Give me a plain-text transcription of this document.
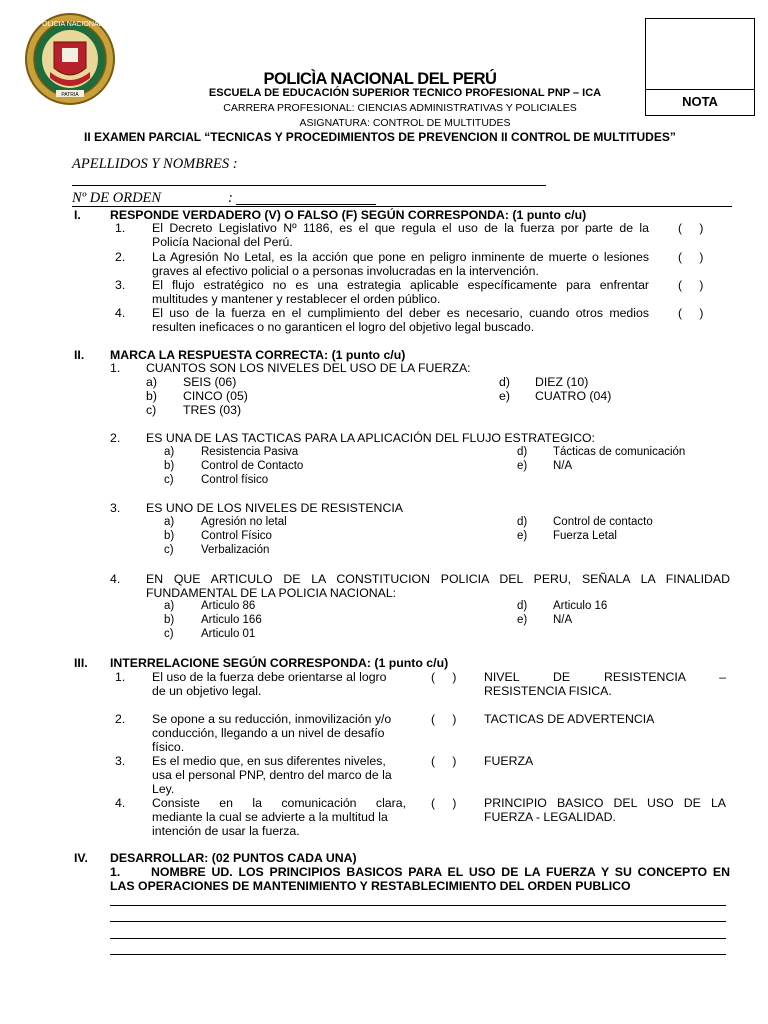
POLICIA NACIONAL
PATRIA
POLICÌA NACIONAL DEL PERÚ
ESCUELA DE EDUCACIÓN SUPERIOR TECNICO PROFESIONAL PNP – ICA
CARRERA PROFESIONAL: CIENCIAS ADMINISTRATIVAS Y POLICIALES
ASIGNATURA: CONTROL DE MULTITUDES
II EXAMEN PARCIAL “TECNICAS Y PROCEDIMIENTOS DE PREVENCION II CONTROL DE MULTITUDES”
NOTA
APELLIDOS Y NOMBRES :
Nº DE ORDEN	:
I. RESPONDE VERDADERO (V) O FALSO (F) SEGÚN CORRESPONDA: (1 punto c/u)
1. El Decreto Legislativo Nº 1186, es el que regula el uso de la fuerza por parte de la
Policía Nacional del Perú.
( )
2. La Agresión No Letal, es la acción que pone en peligro inminente de muerte o lesiones
graves al efectivo policial o a personas involucradas en la intervención.
( )
3. El flujo estratégico no es una estrategia aplicable específicamente para enfrentar
multitudes y mantener y restablecer el orden público.
( )
4. El uso de la fuerza en el cumplimiento del deber es necesario, cuando otros medios
resulten ineficaces o no garanticen el logro del objetivo legal buscado.
( )
II. MARCA LA RESPUESTA CORRECTA: (1 punto c/u)
1. CUANTOS SON LOS NIVELES DEL USO DE LA FUERZA:
a) SEIS (06)
b) CINCO (05)
c) TRES (03)
d) DIEZ (10)
e) CUATRO (04)
2. ES UNA DE LAS TACTICAS PARA LA APLICACIÓN DEL FLUJO ESTRATEGICO:
a) Resistencia Pasiva
b) Control de Contacto
c) Control físico
d) Tácticas de comunicación
e) N/A
3. ES UNO DE LOS NIVELES DE RESISTENCIA
a) Agresión no letal
b) Control Físico
c) Verbalización
d) Control de contacto
e) Fuerza Letal
4. EN QUE ARTICULO DE LA CONSTITUCION POLICIA DEL PERU, SEÑALA LA FINALIDAD
FUNDAMENTAL DE LA POLICIA NACIONAL:
a) Articulo 86
b) Articulo 166
c) Articulo 01
d) Articulo 16
e) N/A
III. INTERRELACIONE SEGÚN CORRESPONDA: (1 punto c/u)
1. El uso de la fuerza debe orientarse al logro
de un objetivo legal.
( ) NIVEL DE RESISTENCIA –
RESISTENCIA FISICA.
2. Se opone a su reducción, inmovilización y/o
conducción, llegando a un nivel de desafío
físico.
( ) TACTICAS DE ADVERTENCIA
3. Es el medio que, en sus diferentes niveles,
usa el personal PNP, dentro del marco de la
Ley.
( ) FUERZA
4. Consiste en la comunicación clara,
mediante la cual se advierte a la multitud la
intención de usar la fuerza.
( ) PRINCIPIO BASICO DEL USO DE LA
FUERZA - LEGALIDAD.
IV. DESARROLLAR: (02 PUNTOS CADA UNA)
1. NOMBRE UD. LOS PRINCIPIOS BASICOS PARA EL USO DE LA FUERZA Y SU CONCEPTO EN
LAS OPERACIONES DE MANTENIMIENTO Y RESTABLECIMIENTO DEL ORDEN PUBLICO
